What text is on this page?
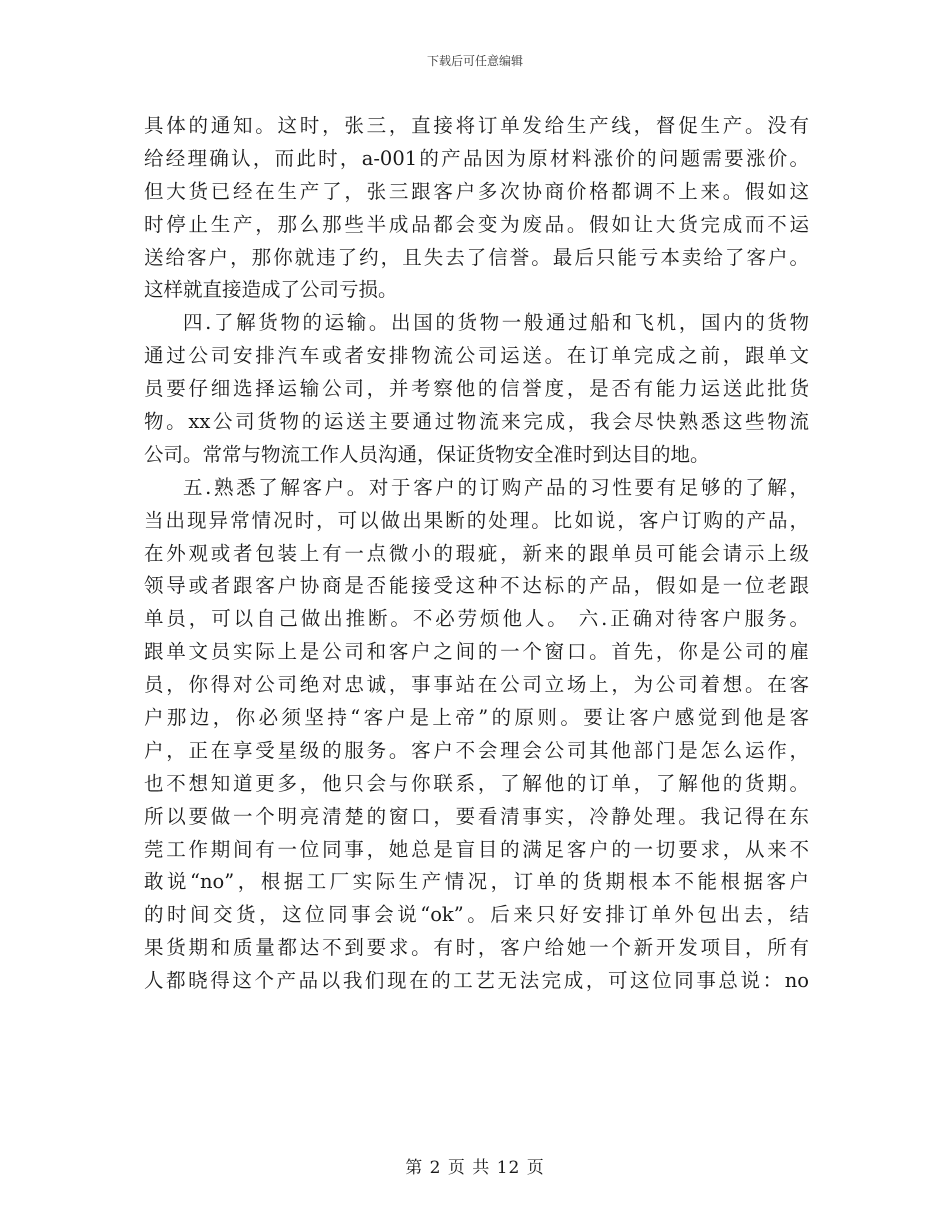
下载后可任意编辑
具体的通知。这时，张三，直接将订单发给生产线，督促生产。没有
给经理确认，而此时，a-001的产品因为原材料涨价的问题需要涨价。
但大货已经在生产了，张三跟客户多次协商价格都调不上来。假如这
时停止生产，那么那些半成品都会变为废品。假如让大货完成而不运
送给客户，那你就违了约，且失去了信誉。最后只能亏本卖给了客户。
这样就直接造成了公司亏损。
四.了解货物的运输。出国的货物一般通过船和飞机，国内的货物
通过公司安排汽车或者安排物流公司运送。在订单完成之前，跟单文
员要仔细选择运输公司，并考察他的信誉度，是否有能力运送此批货
物。xx公司货物的运送主要通过物流来完成，我会尽快熟悉这些物流
公司。常常与物流工作人员沟通，保证货物安全准时到达目的地。
五.熟悉了解客户。对于客户的订购产品的习性要有足够的了解，
当出现异常情况时，可以做出果断的处理。比如说，客户订购的产品，
在外观或者包装上有一点微小的瑕疵，新来的跟单员可能会请示上级
领导或者跟客户协商是否能接受这种不达标的产品，假如是一位老跟
单员，可以自己做出推断。不必劳烦他人。 六.正确对待客户服务。
跟单文员实际上是公司和客户之间的一个窗口。首先，你是公司的雇
员，你得对公司绝对忠诚，事事站在公司立场上，为公司着想。在客
户那边，你必须坚持“客户是上帝”的原则。要让客户感觉到他是客
户，正在享受星级的服务。客户不会理会公司其他部门是怎么运作，
也不想知道更多，他只会与你联系，了解他的订单，了解他的货期。
所以要做一个明亮清楚的窗口，要看清事实，冷静处理。我记得在东
莞工作期间有一位同事，她总是盲目的满足客户的一切要求，从来不
敢说“no”，根据工厂实际生产情况，订单的货期根本不能根据客户
的时间交货，这位同事会说“ok”。后来只好安排订单外包出去，结
果货期和质量都达不到要求。有时，客户给她一个新开发项目，所有
人都晓得这个产品以我们现在的工艺无法完成，可这位同事总说：no
第 2 页 共 12 页
